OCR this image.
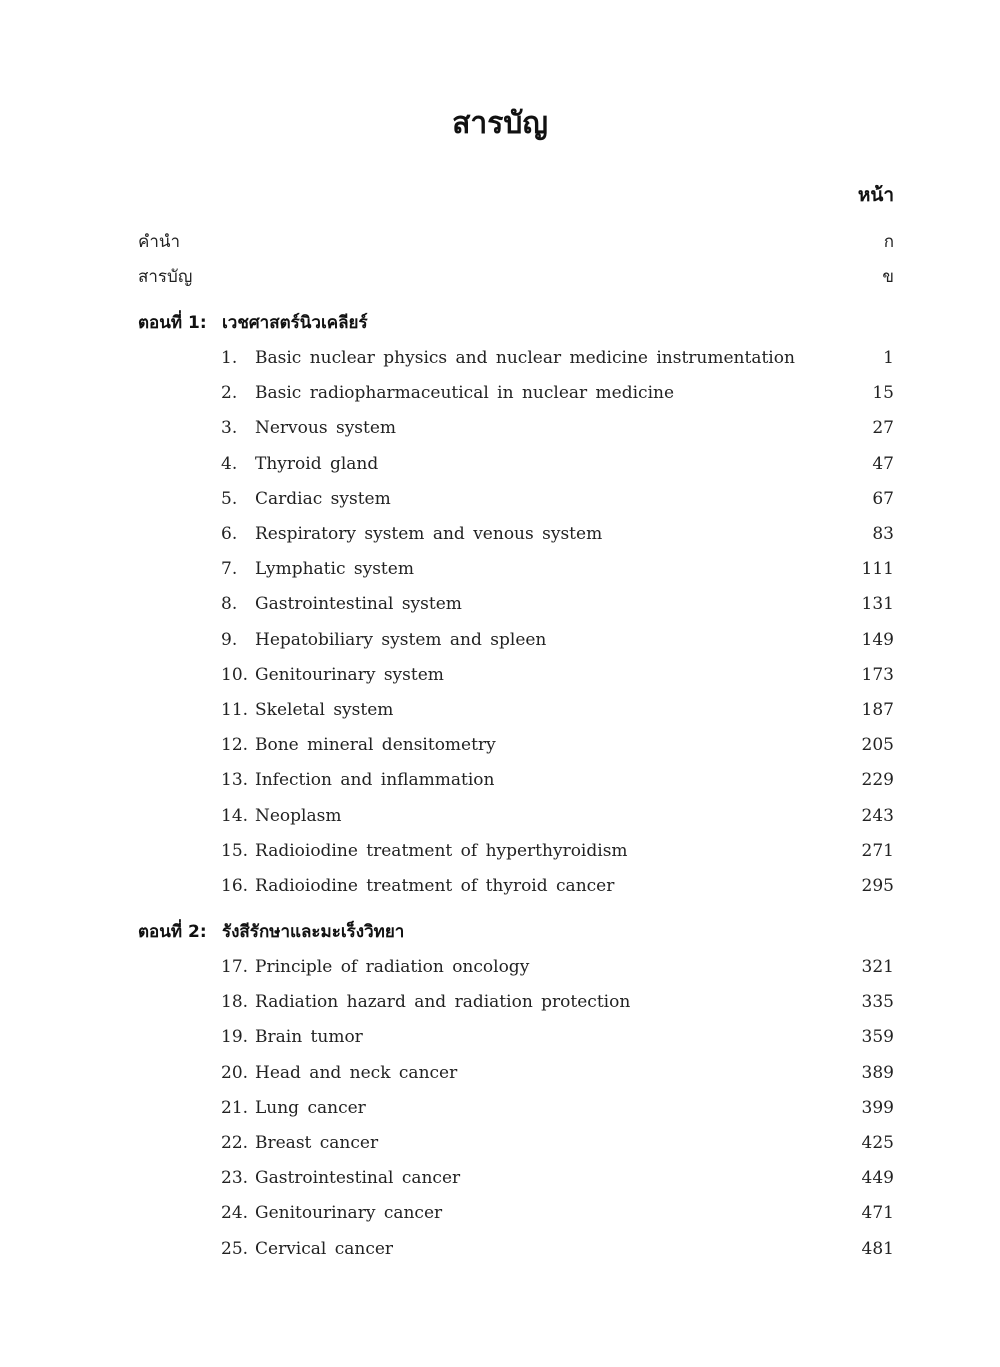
สารบัญ
หน้า
คำนำ	ก
สารบัญ	ข
ตอนที่ 1: เวชศาสตร์นิวเคลียร์
1. Basic nuclear physics and nuclear medicine instrumentation	1
2. Basic radiopharmaceutical in nuclear medicine	15
3. Nervous system	27
4. Thyroid gland	47
5. Cardiac system	67
6. Respiratory system and venous system	83
7. Lymphatic system	111
8. Gastrointestinal system	131
9. Hepatobiliary system and spleen	149
10. Genitourinary system	173
11. Skeletal system	187
12. Bone mineral densitometry	205
13. Infection and inflammation	229
14. Neoplasm	243
15. Radioiodine treatment of hyperthyroidism	271
16. Radioiodine treatment of thyroid cancer	295
ตอนที่ 2: รังสีรักษาและมะเร็งวิทยา
17. Principle of radiation oncology	321
18. Radiation hazard and radiation protection	335
19. Brain tumor	359
20. Head and neck cancer	389
21. Lung cancer	399
22. Breast cancer	425
23. Gastrointestinal cancer	449
24. Genitourinary cancer	471
25. Cervical cancer	481
